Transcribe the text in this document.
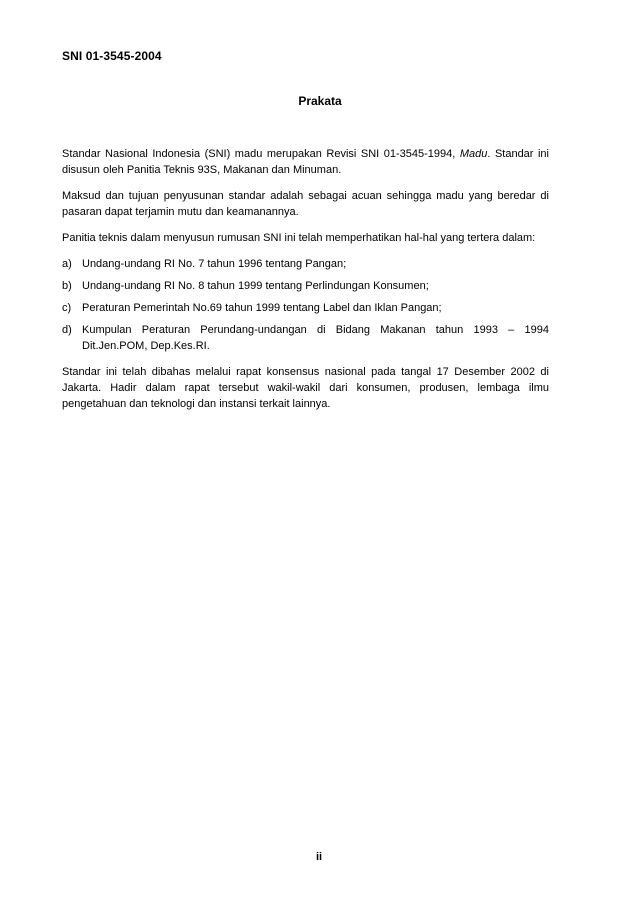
SNI 01-3545-2004
Prakata

Standar Nasional Indonesia (SNI) madu merupakan Revisi SNI 01-3545-1994, Madu. Standar ini disusun oleh Panitia Teknis 93S, Makanan dan Minuman.

Maksud dan tujuan penyusunan standar adalah sebagai acuan sehingga madu yang beredar di pasaran dapat terjamin mutu dan keamanannya.

Panitia teknis dalam menyusun rumusan SNI ini telah memperhatikan hal-hal yang tertera dalam:

a) Undang-undang RI No. 7 tahun 1996 tentang Pangan;
b) Undang-undang RI No. 8 tahun 1999 tentang Perlindungan Konsumen;
c) Peraturan Pemerintah No.69 tahun 1999 tentang Label dan Iklan Pangan;
d) Kumpulan Peraturan Perundang-undangan di Bidang Makanan tahun 1993 – 1994 Dit.Jen.POM, Dep.Kes.RI.

Standar ini telah dibahas melalui rapat konsensus nasional pada tangal 17 Desember 2002 di Jakarta. Hadir dalam rapat tersebut wakil-wakil dari konsumen, produsen, lembaga ilmu pengetahuan dan teknologi dan instansi terkait lainnya.

ii
